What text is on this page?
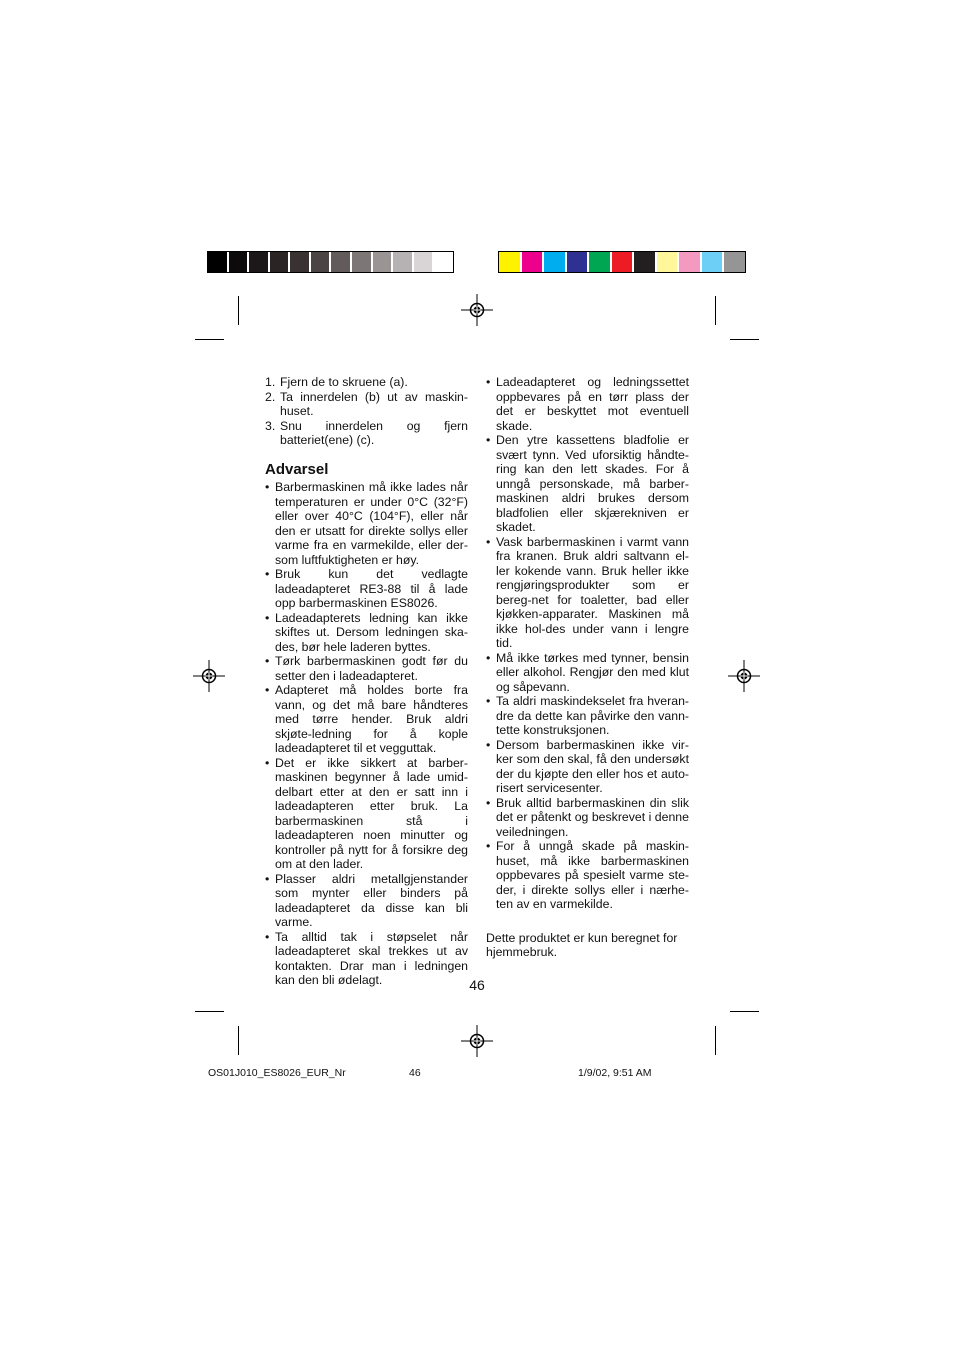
1. Fjern de to skruene (a).
2. Ta innerdelen (b) ut av maskin-huset.
3. Snu innerdelen og fjern batteriet(ene) (c).
Advarsel
• Barbermaskinen må ikke lades når temperaturen er under 0°C (32°F) eller over 40°C (104°F), eller når den er utsatt for direkte sollys eller varme fra en varmekilde, eller der-som luftfuktigheten er høy.
• Bruk kun det vedlagte ladeadapteret RE3-88 til å lade opp barbermaskinen ES8026.
• Ladeadapterets ledning kan ikke skiftes ut. Dersom ledningen ska-des, bør hele laderen byttes.
• Tørk barbermaskinen godt før du setter den i ladeadapteret.
• Adapteret må holdes borte fra vann, og det må bare håndteres med tørre hender. Bruk aldri skjøte-ledning for å kople ladeadapteret til et vegguttak.
• Det er ikke sikkert at barber-maskinen begynner å lade umid-delbart etter at den er satt inn i ladeadapteren etter bruk. La barbermaskinen stå i ladeadapteren noen minutter og kontroller på nytt for å forsikre deg om at den lader.
• Plasser aldri metallgjenstander som mynter eller binders på ladeadapteret da disse kan bli varme.
• Ta alltid tak i støpselet når ladeadapteret skal trekkes ut av kontakten. Drar man i ledningen kan den bli ødelagt.
• Ladeadapteret og ledningssettet oppbevares på en tørr plass der det er beskyttet mot eventuell skade.
• Den ytre kassettens bladfolie er svært tynn. Ved uforsiktig håndte-ring kan den lett skades. For å unngå personskade, må barber-maskinen aldri brukes dersom bladfolien eller skjærekniven er skadet.
• Vask barbermaskinen i varmt vann fra kranen. Bruk aldri saltvann el-ler kokende vann. Bruk heller ikke rengjøringsprodukter som er bereg-net for toaletter, bad eller kjøkken-apparater. Maskinen må ikke hol-des under vann i lengre tid.
• Må ikke tørkes med tynner, bensin eller alkohol. Rengjør den med klut og såpevann.
• Ta aldri maskindekselet fra hveran-dre da dette kan påvirke den vann-tette konstruksjonen.
• Dersom barbermaskinen ikke vir-ker som den skal, få den undersøkt der du kjøpte den eller hos et auto-risert servicesenter.
• Bruk alltid barbermaskinen din slik det er påtenkt og beskrevet i denne veiledningen.
• For å unngå skade på maskin-huset, må ikke barbermaskinen oppbevares på spesielt varme ste-der, i direkte sollys eller i nærhe-ten av en varmekilde.
Dette produktet er kun beregnet for hjemmebruk.
46
OS01J010_ES8026_EUR_Nr	46	1/9/02, 9:51 AM
